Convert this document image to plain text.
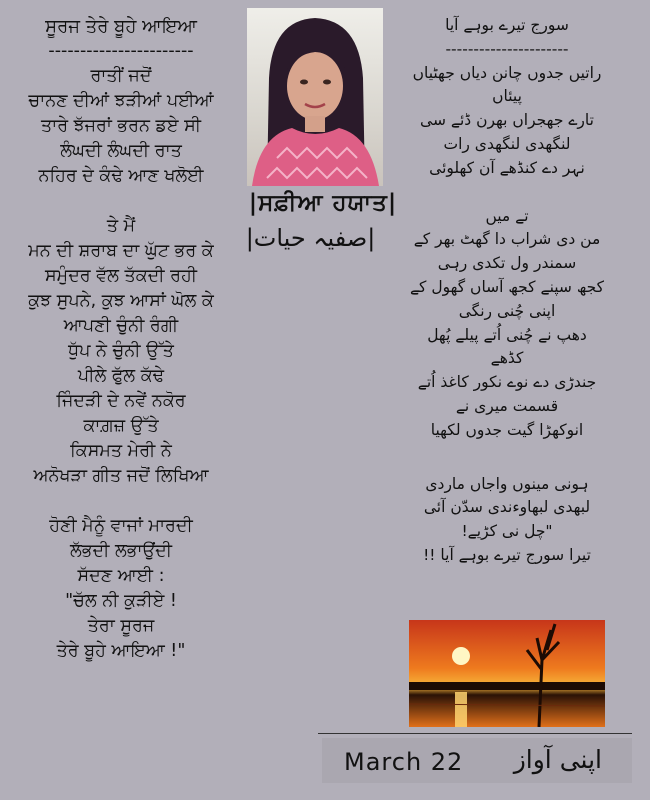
ਸੂਰਜ ਤੇਰੇ ਬੂਹੇ ਆਇਆ
-----------------------
ਰਾਤੀਂ ਜਦੋਂ
ਚਾਨਣ ਦੀਆਂ ਝੜੀਆਂ ਪਈਆਂ
ਤਾਰੇ ਝੱਜਰਾਂ ਭਰਨ ਡਏ ਸੀ
ਲੰਘਦੀ ਲੰਘਦੀ ਰਾਤ
ਨਹਿਰ ਦੇ ਕੰਢੇ ਆਣ ਖਲੋਈ
ਤੇ ਮੈਂ
ਮਨ ਦੀ ਸ਼ਰਾਬ ਦਾ ਘੁੱਟ ਭਰ ਕੇ
ਸਮੁੰਦਰ ਵੱਲ ਤੱਕਦੀ ਰਹੀ
ਕੁਝ ਸੁਪਨੇ, ਕੁਝ ਆਸਾਂ ਘੋਲ ਕੇ
ਆਪਣੀ ਚੁੰਨੀ ਰੰਗੀ
ਧੁੱਪ ਨੇ ਚੁੰਨੀ ਉੱਤੇ
ਪੀਲੇ ਫੁੱਲ ਕੱਢੇ
ਜਿੰਦੜੀ ਦੇ ਨਵੇਂ ਨਕੋਰ
ਕਾਗ਼ਜ਼ ਉੱਤੇ
ਕਿਸਮਤ ਮੇਰੀ ਨੇ
ਅਨੋਖੜਾ ਗੀਤ ਜਦੋਂ ਲਿਖਿਆ
ਹੋਣੀ ਮੈਨੂੰ ਵਾਜਾਂ ਮਾਰਦੀ
ਲੱਭਦੀ ਲਭਾਉਂਦੀ
ਸੱਦਣ ਆਈ :
"ਚੱਲ ਨੀ ਕੁੜੀਏ !
ਤੇਰਾ ਸੂਰਜ
ਤੇਰੇ ਬੂਹੇ ਆਇਆ !"
|ਸਫ਼ੀਆ ਹਯਾਤ|
|صفیہ حیات|
سورج تیرے بوہے آیا
----------------------
راتیں جدوں چانن دیاں جھٹیاں
پیئاں
تارے جھجراں بھرن ڈئے سی
لنگھدی لنگھدی رات
نہر دے کنڈھے آن کھلوئی
تے میں
من دی شراب دا گھٹ بھر کے
سمندر ول تکدی رہی
کجھ سپنے کجھ آساں گھول کے
اپنی چُنی رنگی
دھپ نے چُنی اُتے پیلے پُھل
کڈھے
جندڑی دے نوے نکور کاغذ اُتے
قسمت میری نے
انوکھڑا گیت جدوں لکھیا
ہونی مینوں واجاں ماردی
لبھدی لبھاوءندی سدّن آئی
"چل نی کڑیے!
تیرا سورج تیرے بوہے آیا !!
March 22 اپنی آواز
